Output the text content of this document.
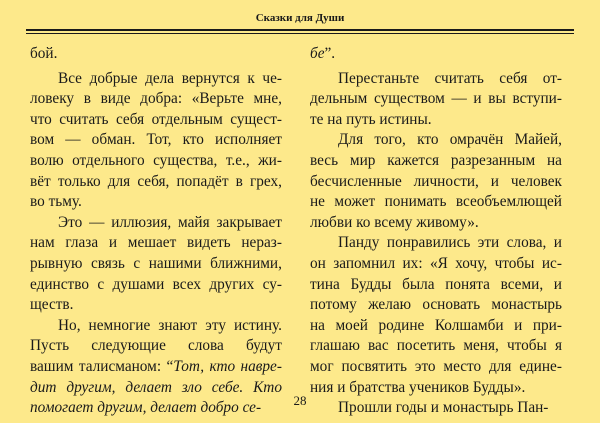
Сказки для Души
бой.
Все добрые дела вернутся к че-
ловеку в виде добра: «Верьте мне,
что считать себя отдельным сущест-
вом — обман. Тот, кто исполняет
волю отдельного существа, т.е., жи-
вёт только для себя, попадёт в грех,
во тьму.
Это — иллюзия, майя закрывает
нам глаза и мешает видеть нераз-
рывную связь с нашими ближними,
единство с душами всех других су-
ществ.
Но, немногие знают эту истину.
Пусть следующие слова будут
вашим талисманом: “Тот, кто навре-
дит другим, делает зло себе. Кто
помогает другим, делает добро се-
бе”.
Перестаньте считать себя от-
дельным существом — и вы вступи-
те на путь истины.
Для того, кто омрачён Майей,
весь мир кажется разрезанным на
бесчисленные личности, и человек
не может понимать всеобъемлющей
любви ко всему живому».
Панду понравились эти слова, и
он запомнил их: «Я хочу, чтобы ис-
тина Будды была понята всеми, и
потому желаю основать монастырь
на моей родине Колшамби и при-
глашаю вас посетить меня, чтобы я
мог посвятить это место для едине-
ния и братства учеников Будды».
Прошли годы и монастырь Пан-
28
